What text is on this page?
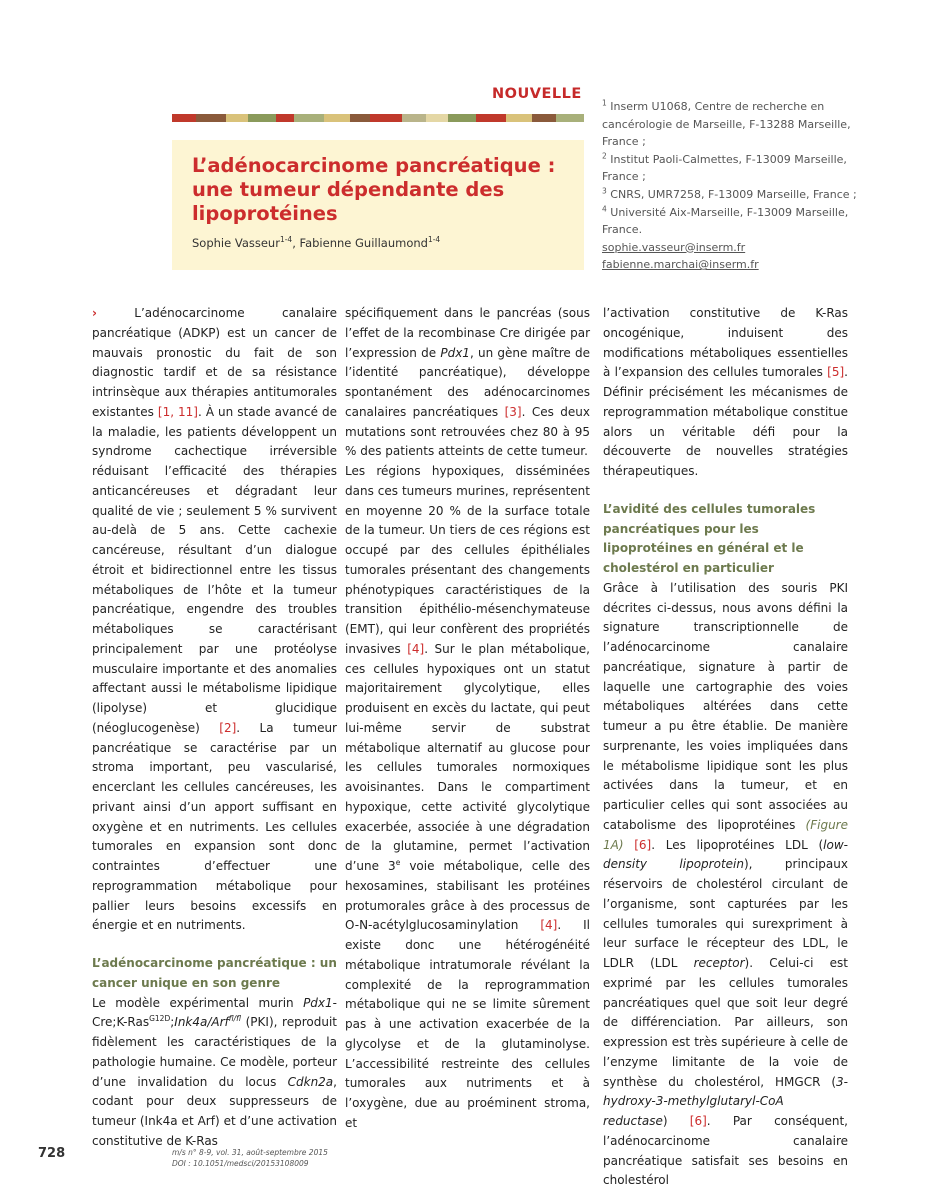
NOUVELLE
L’adénocarcinome pancréatique : une tumeur dépendante des lipoprotéines
Sophie Vasseur$^{1-4}$, Fabienne Guillaumond$^{1-4}$

$^1$ Inserm U1068, Centre de recherche en cancérologie de Marseille, F-13288 Marseille, France ;

$^2$ Institut Paoli-Calmettes, F-13009 Marseille, France ;

$^3$ CNRS, UMR7258, F-13009 Marseille, France ;

$^4$ Université Aix-Marseille, F-13009 Marseille, France.

sophie.vasseur@inserm.fr

fabienne.marchai@inserm.fr

› L’adénocarcinome canalaire pancréatique (ADKP) est un cancer de mauvais pronostic du fait de son diagnostic tardif et de sa résistance intrinsèque aux thérapies antitumorales existantes [1, 11]. À un stade avancé de la maladie, les patients développent un syndrome cachectique irréversible réduisant l’efficacité des thérapies anticancéreuses et dégradant leur qualité de vie ; seulement 5 % survivent au-delà de 5 ans. Cette cachexie cancéreuse, résultant d’un dialogue étroit et bidirectionnel entre les tissus métaboliques de l’hôte et la tumeur pancréatique, engendre des troubles métaboliques se caractérisant principalement par une protéolyse musculaire importante et des anomalies affectant aussi le métabolisme lipidique (lipolyse) et glucidique (néoglucogenèse) [2]. La tumeur pancréatique se caractérise par un stroma important, peu vascularisé, encerclant les cellules cancéreuses, les privant ainsi d’un apport suffisant en oxygène et en nutriments. Les cellules tumorales en expansion sont donc contraintes d’effectuer une reprogrammation métabolique pour pallier leurs besoins excessifs en énergie et en nutriments.

L’adénocarcinome pancréatique : un cancer unique en son genre

Le modèle expérimental murin Pdx1-Cre;K-Ras$^{G12D}$;Ink4a/Arf$^{fl/fl}$ (PKI), reproduit fidèlement les caractéristiques de la pathologie humaine. Ce modèle, porteur d’une invalidation du locus Cdkn2a, codant pour deux suppresseurs de tumeur (Ink4a et Arf) et d’une activation constitutive de K-Ras

spécifiquement dans le pancréas (sous l’effet de la recombinase Cre dirigée par l’expression de Pdx1, un gène maître de l’identité pancréatique), développe spontanément des adénocarcinomes canalaires pancréatiques [3]. Ces deux mutations sont retrouvées chez 80 à 95 % des patients atteints de cette tumeur.

Les régions hypoxiques, disséminées dans ces tumeurs murines, représentent en moyenne 20 % de la surface totale de la tumeur. Un tiers de ces régions est occupé par des cellules épithéliales tumorales présentant des changements phénotypiques caractéristiques de la transition épithélio-mésenchymateuse (EMT), qui leur confèrent des propriétés invasives [4]. Sur le plan métabolique, ces cellules hypoxiques ont un statut majoritairement glycolytique, elles produisent en excès du lactate, qui peut lui-même servir de substrat métabolique alternatif au glucose pour les cellules tumorales normoxiques avoisinantes. Dans le compartiment hypoxique, cette activité glycolytique exacerbée, associée à une dégradation de la glutamine, permet l’activation d’une 3e voie métabolique, celle des hexosamines, stabilisant les protéines protumorales grâce à des processus de O-N-acétylglucosaminylation [4]. Il existe donc une hétérogénéité métabolique intratumorale révélant la complexité de la reprogrammation métabolique qui ne se limite sûrement pas à une activation exacerbée de la glycolyse et de la glutaminolyse. L’accessibilité restreinte des cellules tumorales aux nutriments et à l’oxygène, due au proéminent stroma, et

l’activation constitutive de K-Ras oncogénique, induisent des modifications métaboliques essentielles à l’expansion des cellules tumorales [5]. Définir précisément les mécanismes de reprogrammation métabolique constitue alors un véritable défi pour la découverte de nouvelles stratégies thérapeutiques.

L’avidité des cellules tumorales pancréatiques pour les lipoprotéines en général et le cholestérol en particulier

Grâce à l’utilisation des souris PKI décrites ci-dessus, nous avons défini la signature transcriptionnelle de l’adénocarcinome canalaire pancréatique, signature à partir de laquelle une cartographie des voies métaboliques altérées dans cette tumeur a pu être établie. De manière surprenante, les voies impliquées dans le métabolisme lipidique sont les plus activées dans la tumeur, et en particulier celles qui sont associées au catabolisme des lipoprotéines (Figure 1A) [6]. Les lipoprotéines LDL (low-density lipoprotein), principaux réservoirs de cholestérol circulant de l’organisme, sont capturées par les cellules tumorales qui surexpriment à leur surface le récepteur des LDL, le LDLR (LDL receptor). Celui-ci est exprimé par les cellules tumorales pancréatiques quel que soit leur degré de différenciation. Par ailleurs, son expression est très supérieure à celle de l’enzyme limitante de la voie de synthèse du cholestérol, HMGCR (3-hydroxy-3-methylglutaryl-CoA reductase) [6]. Par conséquent, l’adénocarcinome canalaire pancréatique satisfait ses besoins en cholestérol

728	m/s n° 8-9, vol. 31, août-septembre 2015
DOI : 10.1051/medsci/20153108009
